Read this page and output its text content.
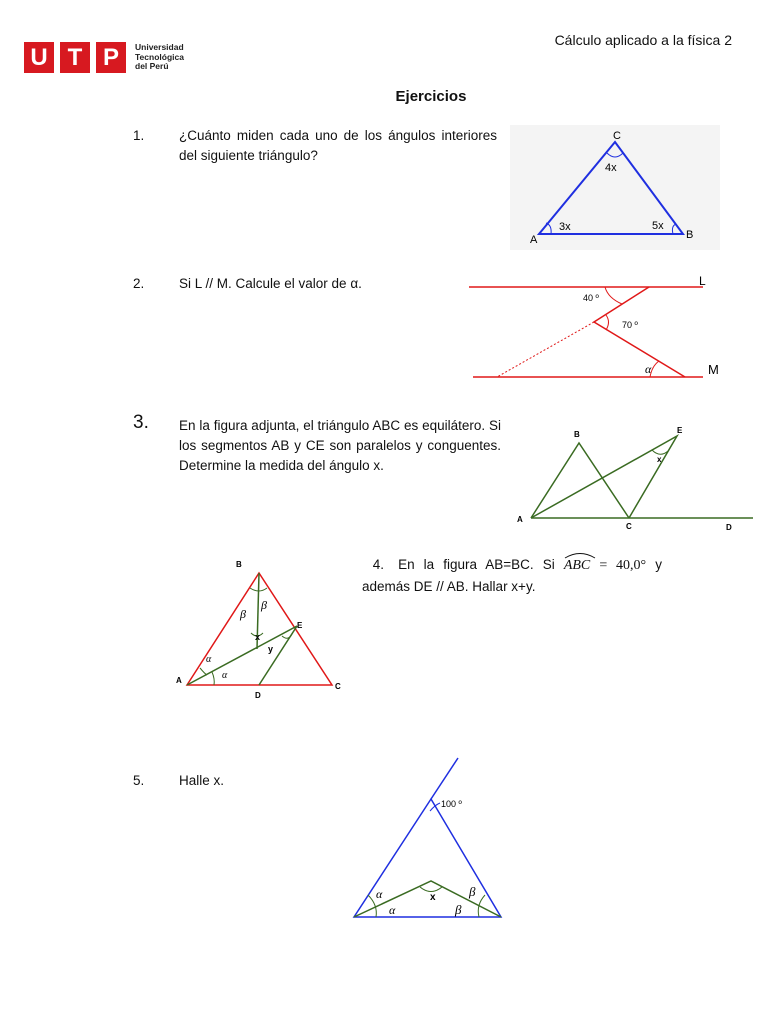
U T P	Universidad
Tecnológica
del Perú
Cálculo aplicado a la física 2
Ejercicios
1.	¿Cuánto miden cada uno de los ángulos interiores del siguiente triángulo?
A	B
C
3x	5x
4x
2.	Si L // M. Calcule el valor de α.	L
M
40 º
70 º
α
3. En la figura adjunta, el triángulo ABC es equilátero. Si los segmentos AB y CE son paralelos y conguentes. Determine la medida del ángulo x.
A
B
C	D
E
x
B
A
C
D
E
x
y
β
β
α
α
4. En la figura AB=BC. Si ABC = 40,0° y además DE // AB. Hallar x+y.
5.	Halle x.
100 º
x
α
α
β
β
